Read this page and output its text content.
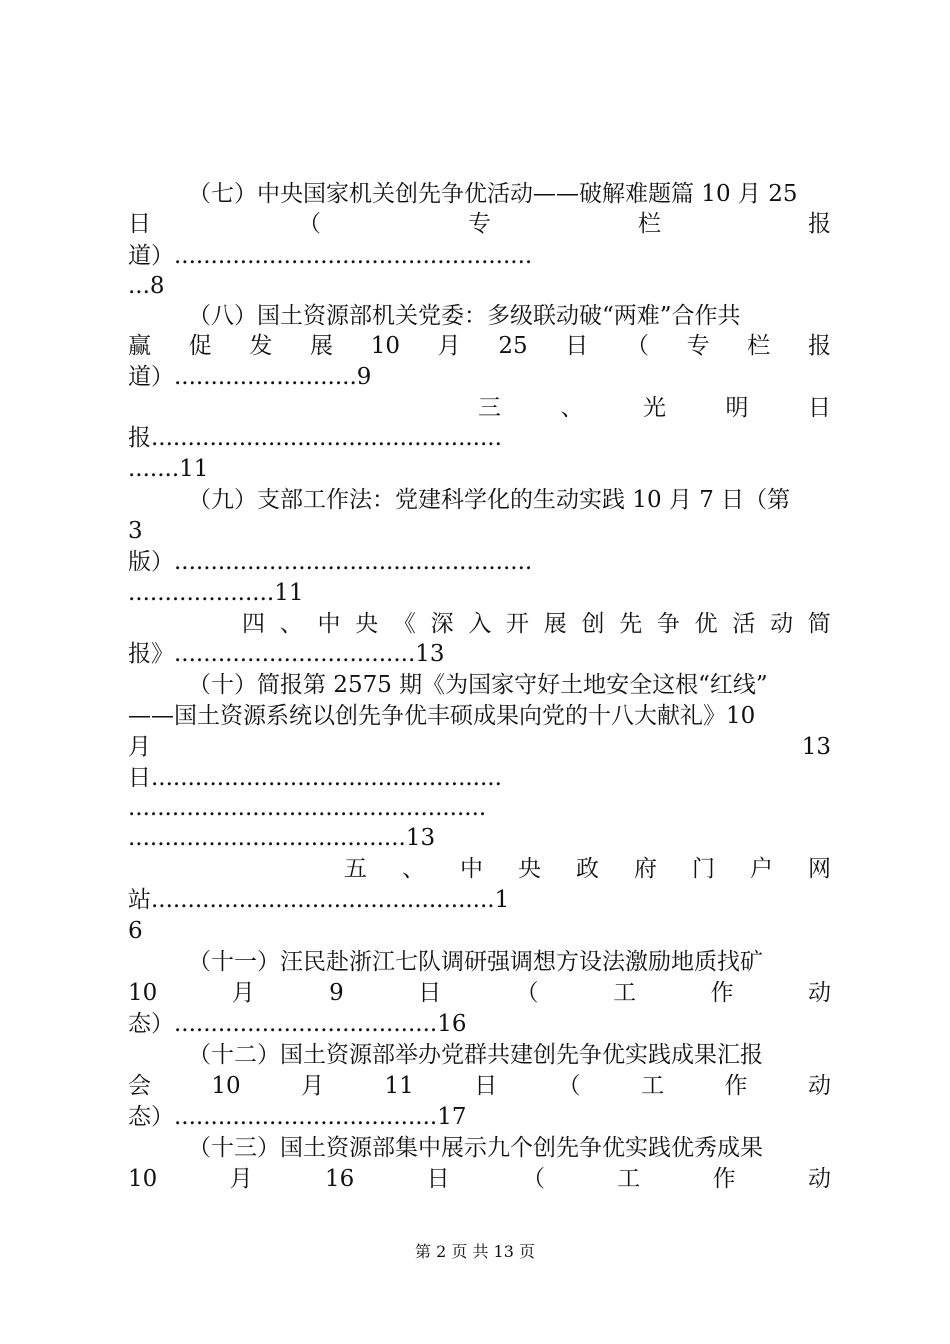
（七）中央国家机关创先争优活动——破解难题篇 10 月 25
日	（	专	栏	报
道）.................................................
...8
（八）国土资源部机关党委：多级联动破“两难”合作共
赢 促 发 展 10 月 25 日 （ 专 栏 报
道）.........................9
三	、	光	明	日
报................................................
.......11
（九）支部工作法：党建科学化的生动实践 10 月 7 日（第
3
版）.................................................
....................11
四 、 中 央 《 深 入 开 展 创 先 争 优 活 动 简
报》.................................13
（十）简报第 2575 期《为国家守好土地安全这根“红线”
——国土资源系统以创先争优丰硕成果向党的十八大献礼》10
月	13
日................................................
.................................................
......................................13
五 、 中 央 政 府 门 户 网
站...............................................1
6
（十一）汪民赴浙江七队调研强调想方设法激励地质找矿
10	月	9	日	（	工	作	动
态）....................................16
（十二）国土资源部举办党群共建创先争优实践成果汇报
会	10	月	11	日	（	工	作	动
态）....................................17
（十三）国土资源部集中展示九个创先争优实践优秀成果
10	月	16	日	（	工	作	动
第 2 页 共 13 页
